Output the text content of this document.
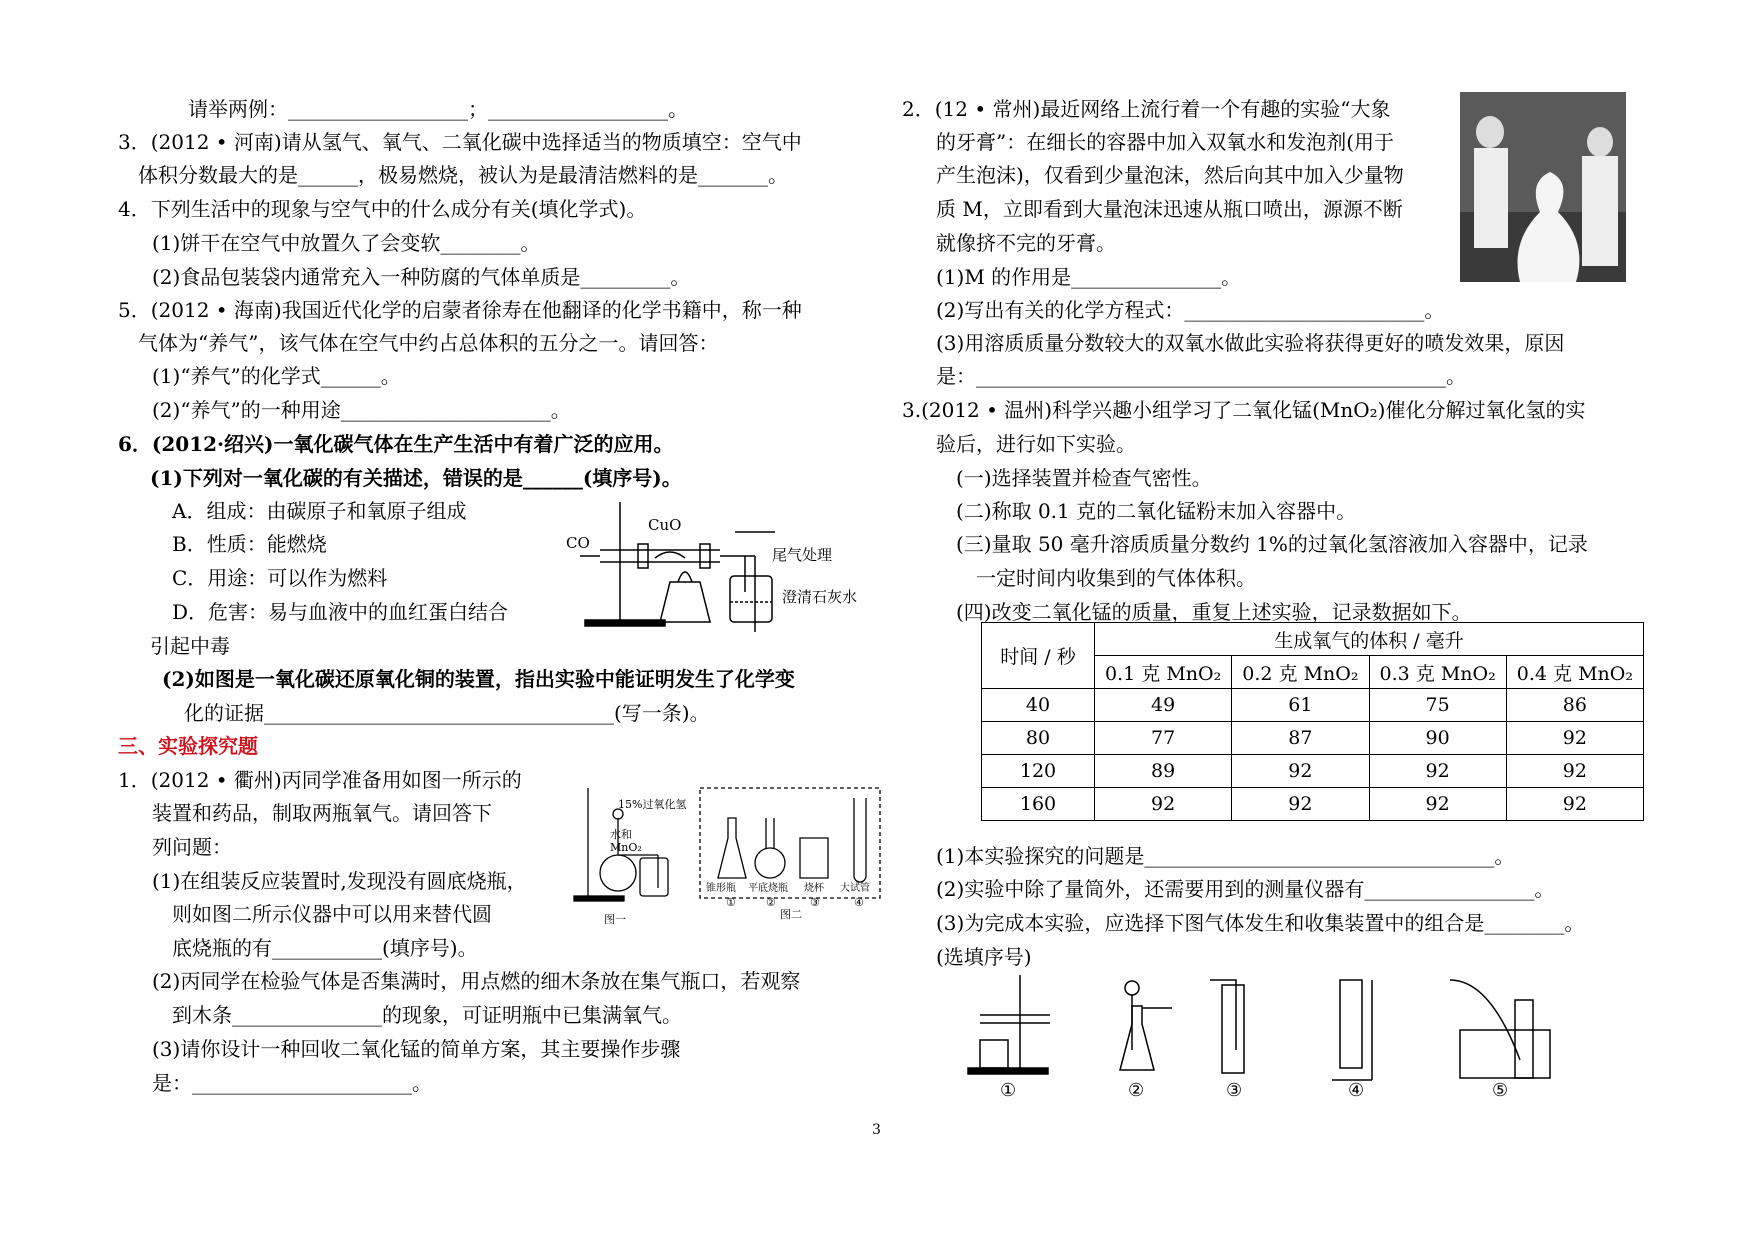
请举两例：__________________；__________________。
3．(2012 • 河南)请从氢气、氧气、二氧化碳中选择适当的物质填空：空气中
体积分数最大的是______，极易燃烧，被认为是最清洁燃料的是_______。
4．下列生活中的现象与空气中的什么成分有关(填化学式)。
(1)饼干在空气中放置久了会变软________。
(2)食品包装袋内通常充入一种防腐的气体单质是_________。
5．(2012 • 海南)我国近代化学的启蒙者徐寿在他翻译的化学书籍中，称一种
气体为“养气”，该气体在空气中约占总体积的五分之一。请回答：
(1)“养气”的化学式______。
(2)“养气”的一种用途_____________________。
6．(2012·绍兴)一氧化碳气体在生产生活中有着广泛的应用。
(1)下列对一氧化碳的有关描述，错误的是______(填序号)。
A．组成：由碳原子和氧原子组成
B．性质：能燃烧
C．用途：可以作为燃料
D．危害：易与血液中的血红蛋白结合
引起中毒
(2)如图是一氧化碳还原氧化铜的装置，指出实验中能证明发生了化学变
化的证据___________________________________(写一条)。
三、实验探究题
1．(2012 • 衢州)丙同学准备用如图一所示的
装置和药品，制取两瓶氧气。请回答下
列问题：
(1)在组装反应装置时,发现没有圆底烧瓶，
则如图二所示仪器中可以用来替代圆
底烧瓶的有___________(填序号)。
(2)丙同学在检验气体是否集满时，用点燃的细木条放在集气瓶口，若观察
到木条_______________的现象，可证明瓶中已集满氧气。
(3)请你设计一种回收二氧化锰的简单方案，其主要操作步骤
是：______________________。
CO
CuO
尾气处理
澄清石灰水
15%过氧化氢
水和
MnO₂
图一	图二
锥形瓶 平底烧瓶 烧杯 大试管
①	②	③	④
2．(12 • 常州)最近网络上流行着一个有趣的实验“大象
的牙膏”：在细长的容器中加入双氧水和发泡剂(用于
产生泡沫)，仅看到少量泡沫，然后向其中加入少量物
质 M，立即看到大量泡沫迅速从瓶口喷出，源源不断
就像挤不完的牙膏。
(1)M 的作用是_______________。
(2)写出有关的化学方程式：________________________。
(3)用溶质质量分数较大的双氧水做此实验将获得更好的喷发效果，原因
是：_______________________________________________。
3.(2012 • 温州)科学兴趣小组学习了二氧化锰(MnO₂)催化分解过氧化氢的实
验后，进行如下实验。
(一)选择装置并检查气密性。
(二)称取 0.1 克的二氧化锰粉末加入容器中。
(三)量取 50 毫升溶质质量分数约 1%的过氧化氢溶液加入容器中，记录
一定时间内收集到的气体体积。
(四)改变二氧化锰的质量，重复上述实验，记录数据如下。
时间 / 秒	生成氧气的体积 / 毫升			
	0.1 克 MnO₂	0.2 克 MnO₂	0.3 克 MnO₂	0.4 克 MnO₂
40	49	61	75	86
80	77	87	90	92
120	89	92	92	92
160	92	92	92	92
(1)本实验探究的问题是___________________________________。
(2)实验中除了量筒外，还需要用到的测量仪器有_________________。
(3)为完成本实验，应选择下图气体发生和收集装置中的组合是________。
(选填序号)
①	②	③	④	⑤
3
